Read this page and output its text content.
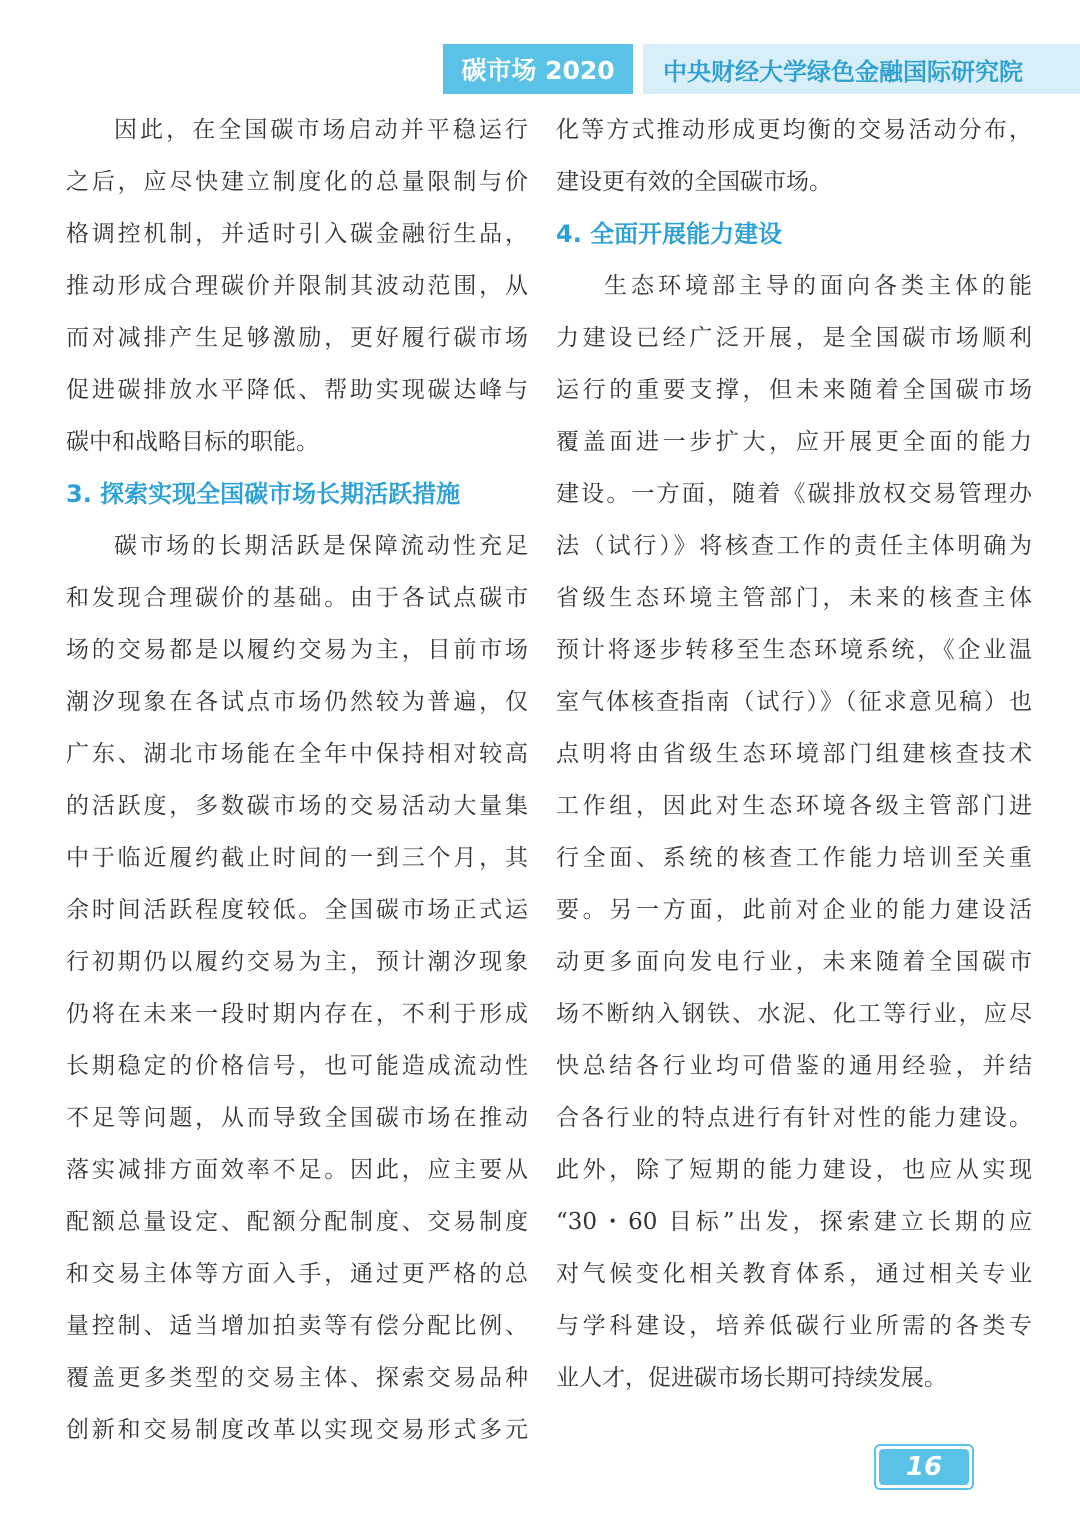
碳市场 2020	中央财经大学绿色金融国际研究院
因此，在全国碳市场启动并平稳运行
之后，应尽快建立制度化的总量限制与价
格调控机制，并适时引入碳金融衍生品，
推动形成合理碳价并限制其波动范围，从
而对减排产生足够激励，更好履行碳市场
促进碳排放水平降低、帮助实现碳达峰与
碳中和战略目标的职能。
3. 探索实现全国碳市场长期活跃措施
碳市场的长期活跃是保障流动性充足
和发现合理碳价的基础。由于各试点碳市
场的交易都是以履约交易为主，目前市场
潮汐现象在各试点市场仍然较为普遍，仅
广东、湖北市场能在全年中保持相对较高
的活跃度，多数碳市场的交易活动大量集
中于临近履约截止时间的一到三个月，其
余时间活跃程度较低。全国碳市场正式运
行初期仍以履约交易为主，预计潮汐现象
仍将在未来一段时期内存在，不利于形成
长期稳定的价格信号，也可能造成流动性
不足等问题，从而导致全国碳市场在推动
落实减排方面效率不足。因此，应主要从
配额总量设定、配额分配制度、交易制度
和交易主体等方面入手，通过更严格的总
量控制、适当增加拍卖等有偿分配比例、
覆盖更多类型的交易主体、探索交易品种
创新和交易制度改革以实现交易形式多元
化等方式推动形成更均衡的交易活动分布，
建设更有效的全国碳市场。
4. 全面开展能力建设
生态环境部主导的面向各类主体的能
力建设已经广泛开展，是全国碳市场顺利
运行的重要支撑，但未来随着全国碳市场
覆盖面进一步扩大，应开展更全面的能力
建设。一方面，随着《碳排放权交易管理办
法（试行）》将核查工作的责任主体明确为
省级生态环境主管部门，未来的核查主体
预计将逐步转移至生态环境系统，《企业温
室气体核查指南（试行）》（征求意见稿）也
点明将由省级生态环境部门组建核查技术
工作组，因此对生态环境各级主管部门进
行全面、系统的核查工作能力培训至关重
要。另一方面，此前对企业的能力建设活
动更多面向发电行业，未来随着全国碳市
场不断纳入钢铁、水泥、化工等行业，应尽
快总结各行业均可借鉴的通用经验，并结
合各行业的特点进行有针对性的能力建设。
此外，除了短期的能力建设，也应从实现
“30・60 目标”出发，探索建立长期的应
对气候变化相关教育体系，通过相关专业
与学科建设，培养低碳行业所需的各类专
业人才，促进碳市场长期可持续发展。
16
